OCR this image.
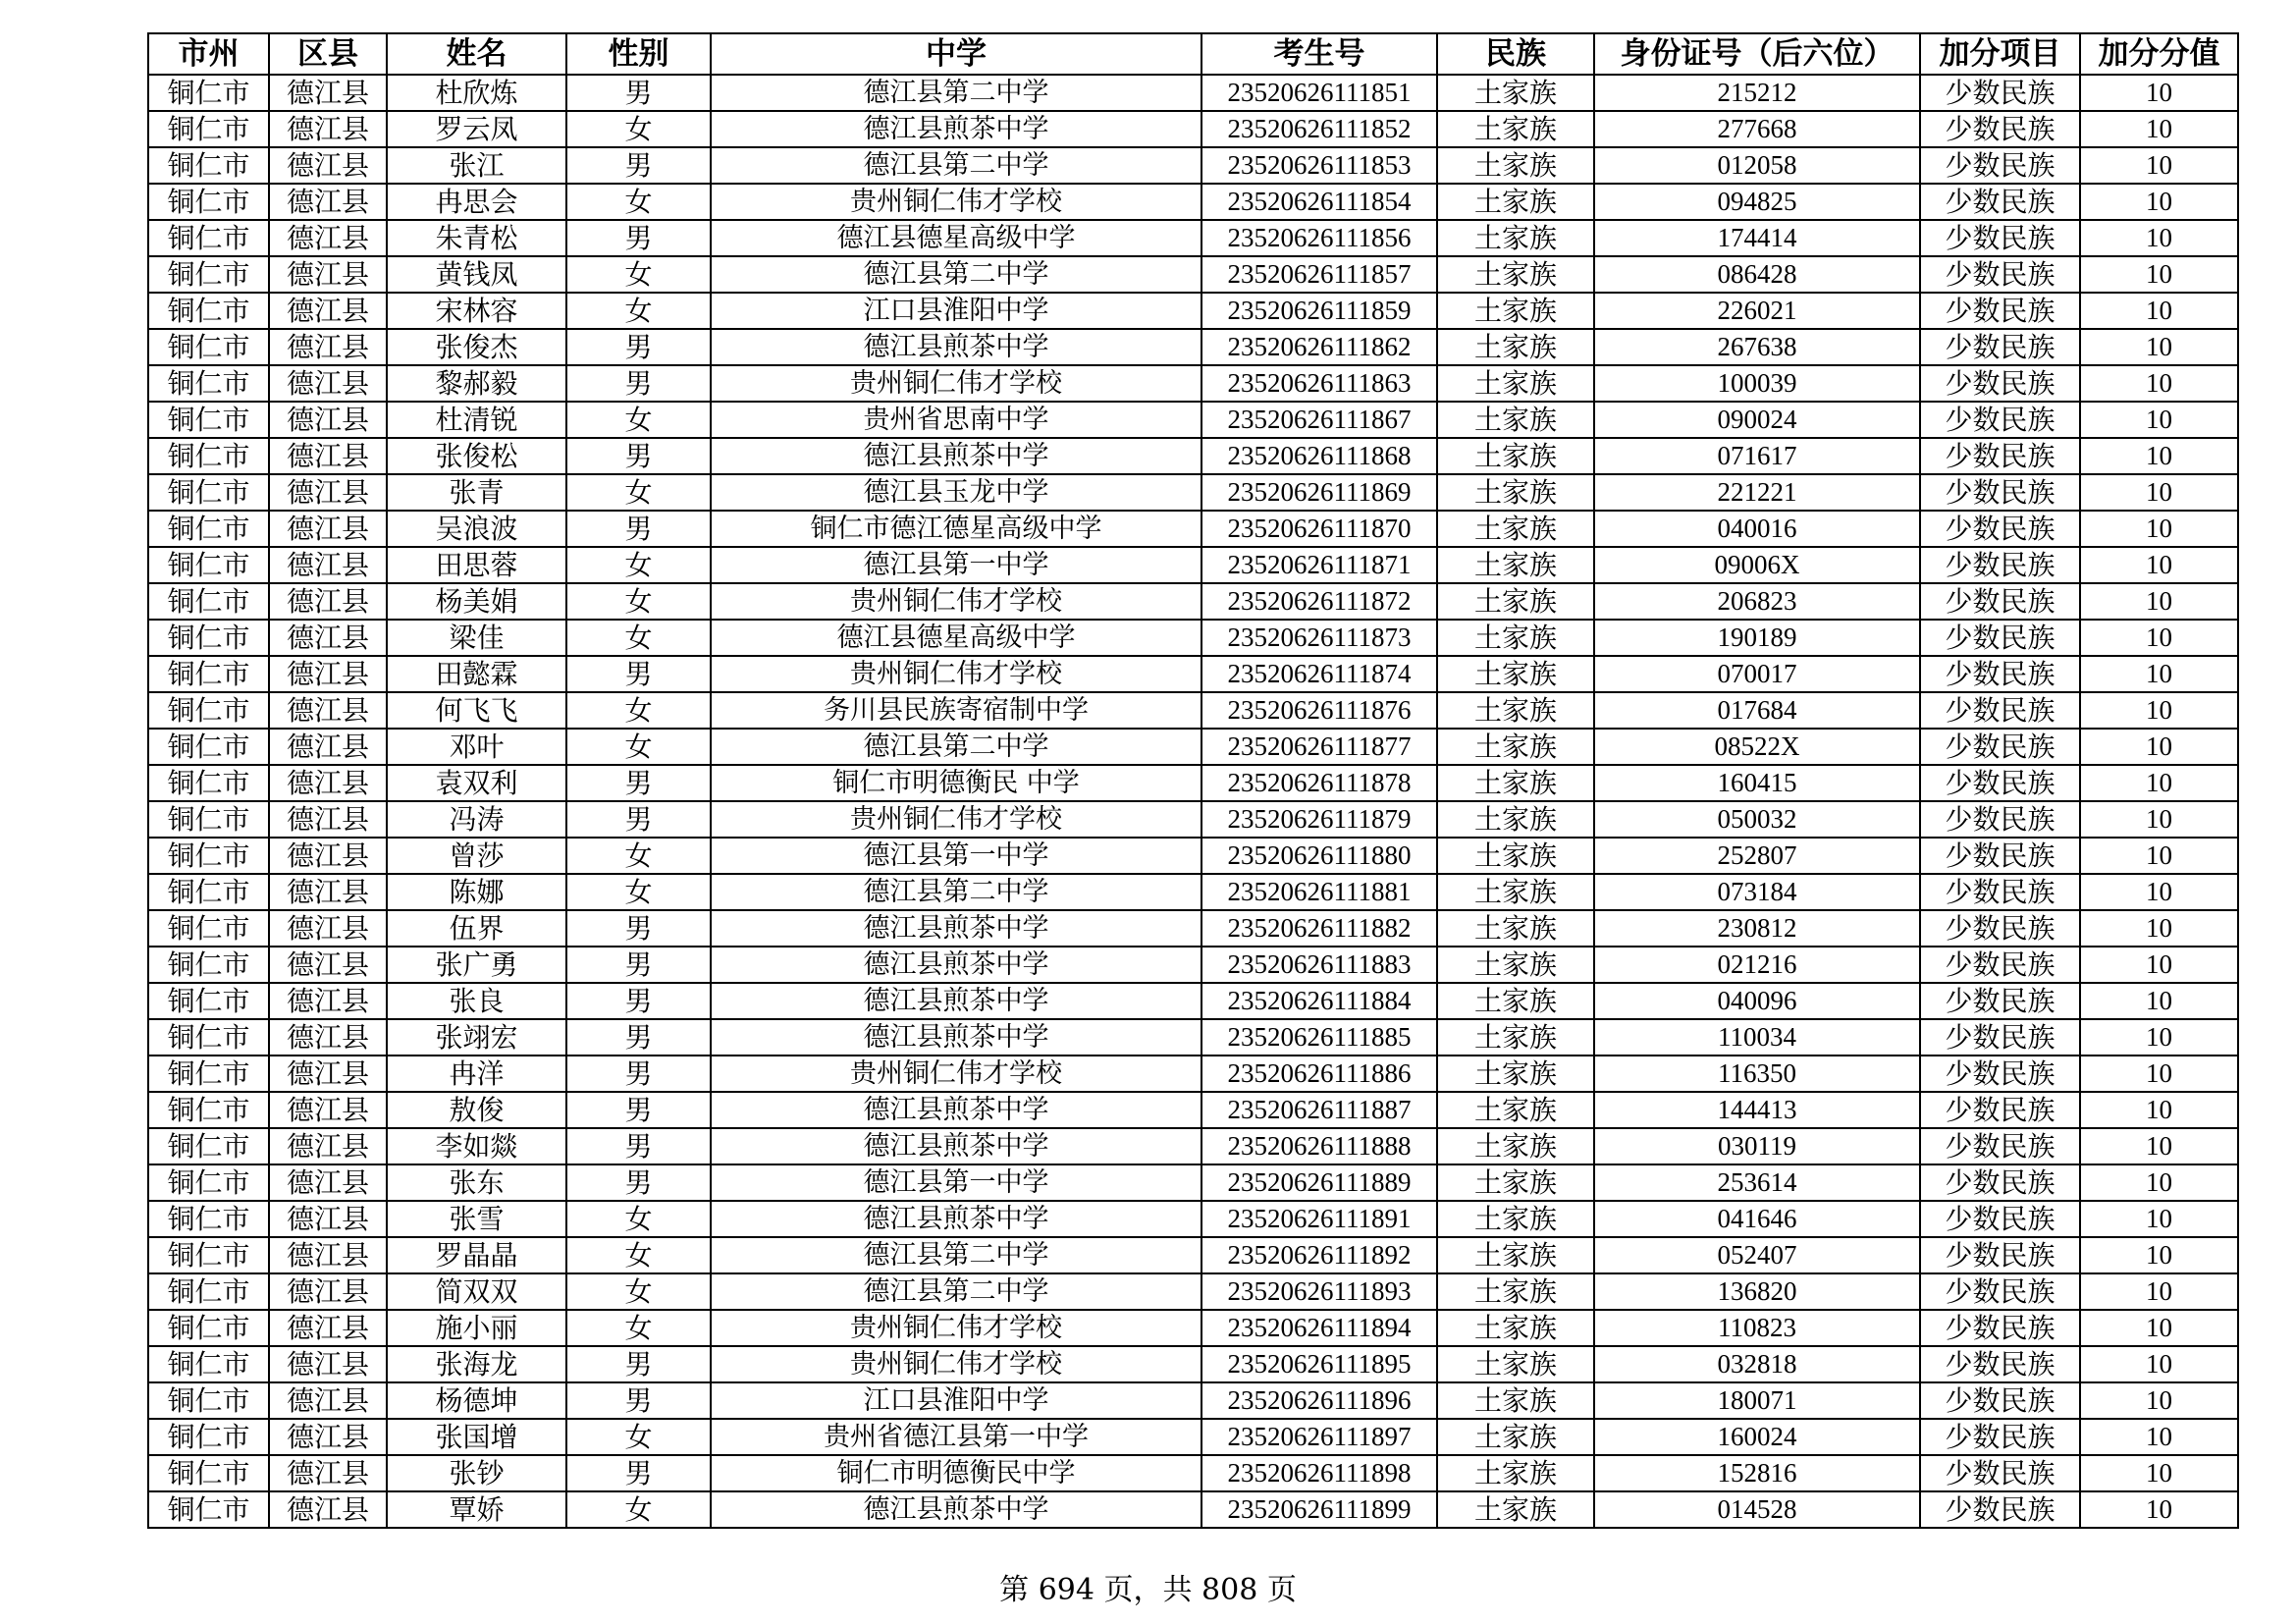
市州	区县	姓名	性别	中学	考生号	民族	身份证号（后六位）	加分项目	加分分值
铜仁市	德江县	杜欣炼	男	德江县第二中学	23520626111851	土家族	215212	少数民族	10
铜仁市	德江县	罗云凤	女	德江县煎茶中学	23520626111852	土家族	277668	少数民族	10
铜仁市	德江县	张江	男	德江县第二中学	23520626111853	土家族	012058	少数民族	10
铜仁市	德江县	冉思会	女	贵州铜仁伟才学校	23520626111854	土家族	094825	少数民族	10
铜仁市	德江县	朱青松	男	德江县德星高级中学	23520626111856	土家族	174414	少数民族	10
铜仁市	德江县	黄钱凤	女	德江县第二中学	23520626111857	土家族	086428	少数民族	10
铜仁市	德江县	宋林容	女	江口县淮阳中学	23520626111859	土家族	226021	少数民族	10
铜仁市	德江县	张俊杰	男	德江县煎茶中学	23520626111862	土家族	267638	少数民族	10
铜仁市	德江县	黎郝毅	男	贵州铜仁伟才学校	23520626111863	土家族	100039	少数民族	10
铜仁市	德江县	杜清锐	女	贵州省思南中学	23520626111867	土家族	090024	少数民族	10
铜仁市	德江县	张俊松	男	德江县煎茶中学	23520626111868	土家族	071617	少数民族	10
铜仁市	德江县	张青	女	德江县玉龙中学	23520626111869	土家族	221221	少数民族	10
铜仁市	德江县	吴浪波	男	铜仁市德江德星高级中学	23520626111870	土家族	040016	少数民族	10
铜仁市	德江县	田思蓉	女	德江县第一中学	23520626111871	土家族	09006X	少数民族	10
铜仁市	德江县	杨美娟	女	贵州铜仁伟才学校	23520626111872	土家族	206823	少数民族	10
铜仁市	德江县	梁佳	女	德江县德星高级中学	23520626111873	土家族	190189	少数民族	10
铜仁市	德江县	田懿霖	男	贵州铜仁伟才学校	23520626111874	土家族	070017	少数民族	10
铜仁市	德江县	何飞飞	女	务川县民族寄宿制中学	23520626111876	土家族	017684	少数民族	10
铜仁市	德江县	邓叶	女	德江县第二中学	23520626111877	土家族	08522X	少数民族	10
铜仁市	德江县	袁双利	男	铜仁市明德衡民 中学	23520626111878	土家族	160415	少数民族	10
铜仁市	德江县	冯涛	男	贵州铜仁伟才学校	23520626111879	土家族	050032	少数民族	10
铜仁市	德江县	曾莎	女	德江县第一中学	23520626111880	土家族	252807	少数民族	10
铜仁市	德江县	陈娜	女	德江县第二中学	23520626111881	土家族	073184	少数民族	10
铜仁市	德江县	伍界	男	德江县煎茶中学	23520626111882	土家族	230812	少数民族	10
铜仁市	德江县	张广勇	男	德江县煎茶中学	23520626111883	土家族	021216	少数民族	10
铜仁市	德江县	张良	男	德江县煎茶中学	23520626111884	土家族	040096	少数民族	10
铜仁市	德江县	张翊宏	男	德江县煎茶中学	23520626111885	土家族	110034	少数民族	10
铜仁市	德江县	冉洋	男	贵州铜仁伟才学校	23520626111886	土家族	116350	少数民族	10
铜仁市	德江县	敖俊	男	德江县煎茶中学	23520626111887	土家族	144413	少数民族	10
铜仁市	德江县	李如燚	男	德江县煎茶中学	23520626111888	土家族	030119	少数民族	10
铜仁市	德江县	张东	男	德江县第一中学	23520626111889	土家族	253614	少数民族	10
铜仁市	德江县	张雪	女	德江县煎茶中学	23520626111891	土家族	041646	少数民族	10
铜仁市	德江县	罗晶晶	女	德江县第二中学	23520626111892	土家族	052407	少数民族	10
铜仁市	德江县	简双双	女	德江县第二中学	23520626111893	土家族	136820	少数民族	10
铜仁市	德江县	施小丽	女	贵州铜仁伟才学校	23520626111894	土家族	110823	少数民族	10
铜仁市	德江县	张海龙	男	贵州铜仁伟才学校	23520626111895	土家族	032818	少数民族	10
铜仁市	德江县	杨德坤	男	江口县淮阳中学	23520626111896	土家族	180071	少数民族	10
铜仁市	德江县	张国增	女	贵州省德江县第一中学	23520626111897	土家族	160024	少数民族	10
铜仁市	德江县	张钞	男	铜仁市明德衡民中学	23520626111898	土家族	152816	少数民族	10
铜仁市	德江县	覃娇	女	德江县煎茶中学	23520626111899	土家族	014528	少数民族	10
第 694 页，共 808 页
